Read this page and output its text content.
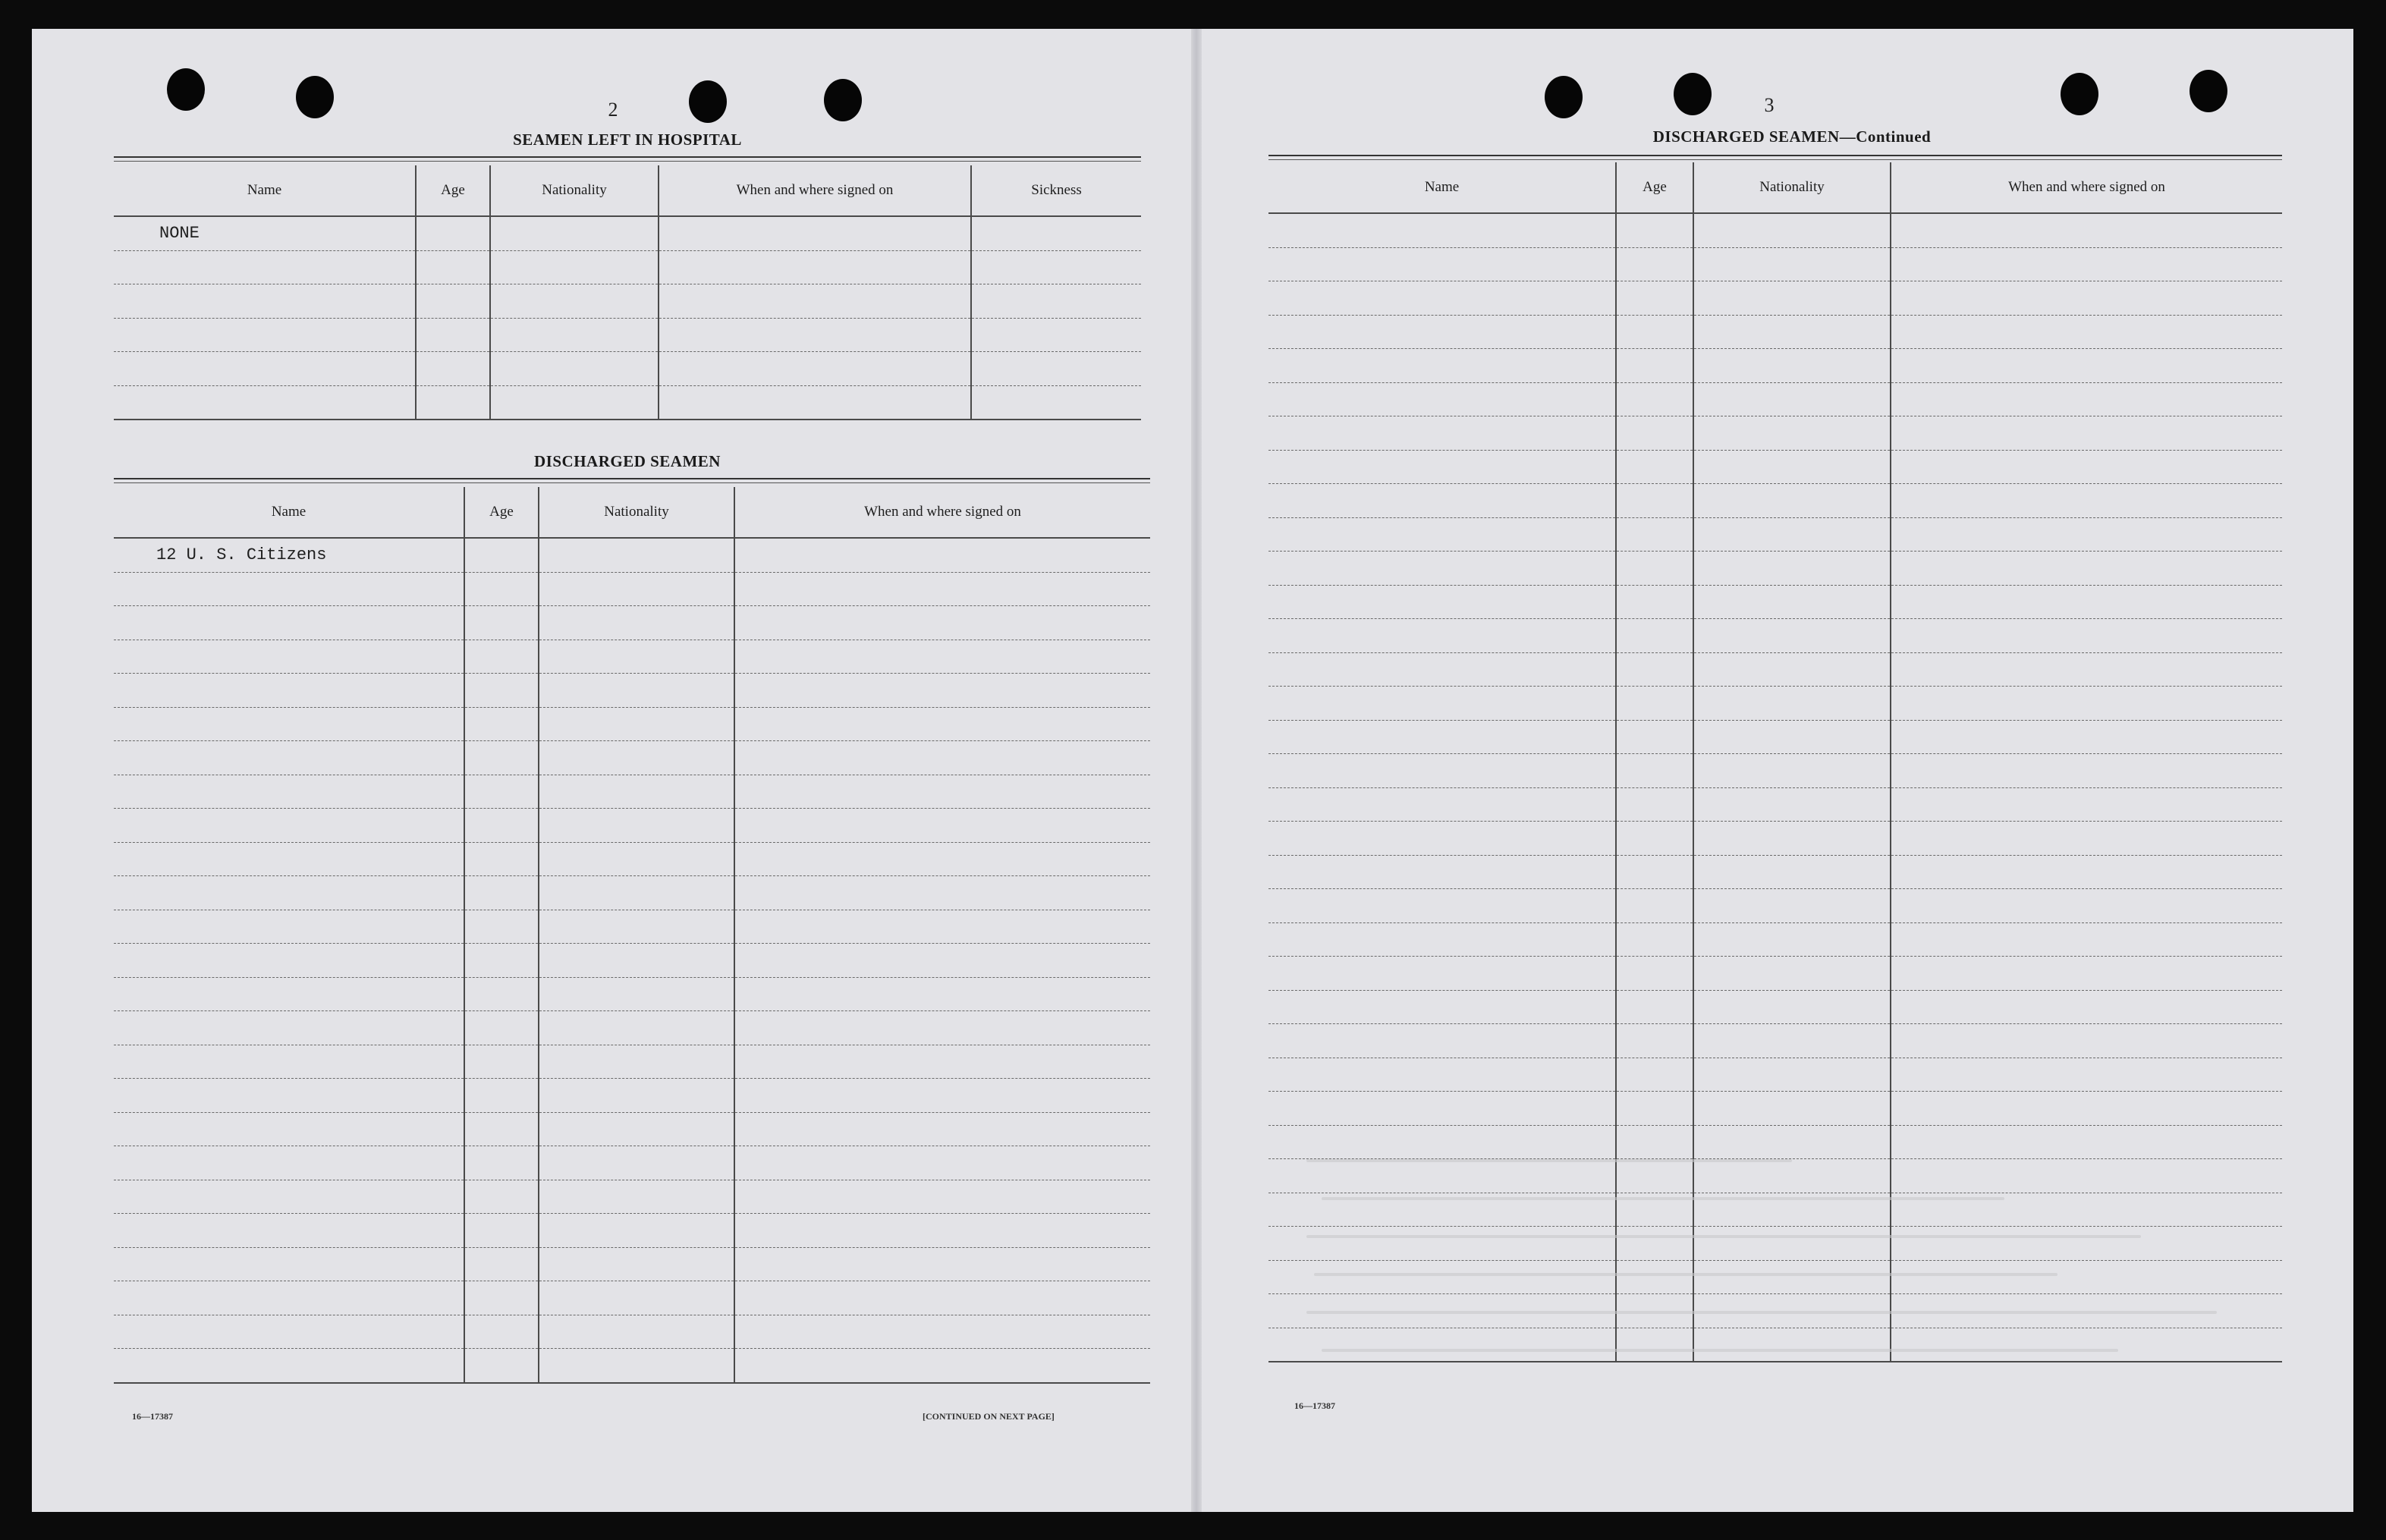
2
SEAMEN LEFT IN HOSPITAL
Name	Age	Nationality	When and where signed on	Sickness
NONE				

DISCHARGED SEAMEN
Name	Age	Nationality	When and where signed on
12 U. S. Citizens			

16—17387	[CONTINUED ON NEXT PAGE]
3
DISCHARGED SEAMEN—Continued
Name	Age	Nationality	When and where signed on

16—17387
